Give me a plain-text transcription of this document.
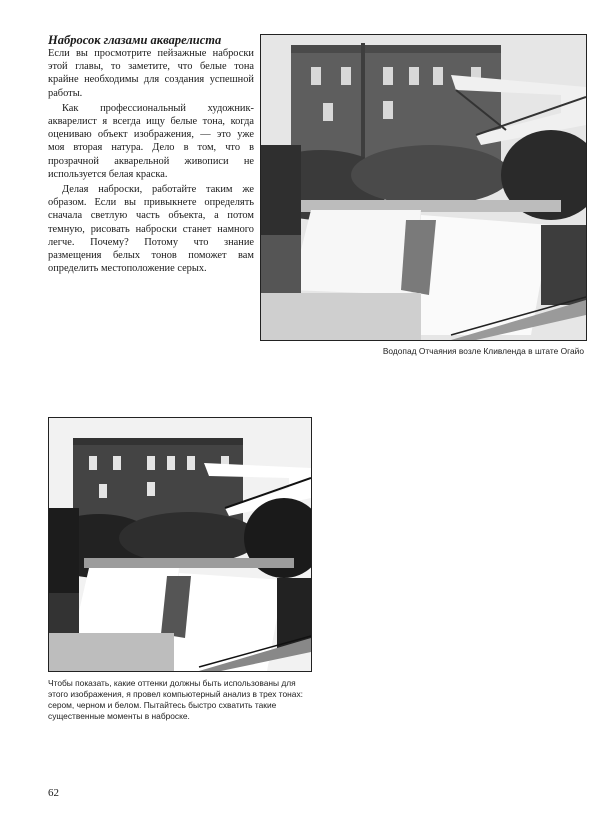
Набросок глазами акварелиста

Если вы просмотрите пейзажные наброски этой главы, то заметите, что белые тона крайне необходимы для создания успешной работы.

Как профессиональный художник-акварелист я всегда ищу белые тона, когда оцениваю объект изображения, — это уже моя вторая натура. Дело в том, что в прозрачной акварельной живописи не используется белая краска.

Делая наброски, работайте таким же образом. Если вы привыкнете определять сначала светлую часть объекта, а потом темную, рисовать наброски станет намного легче. Почему? Потому что знание размещения белых тонов поможет вам определить местоположение серых.

Водопад Отчаяния возле Кливленда в штате Огайо
Чтобы показать, какие оттенки должны быть использованы для этого изображения, я провел компьютерный анализ в трех тонах: сером, черном и белом. Пытайтесь быстро схватить такие существенные моменты в наброске.
62
